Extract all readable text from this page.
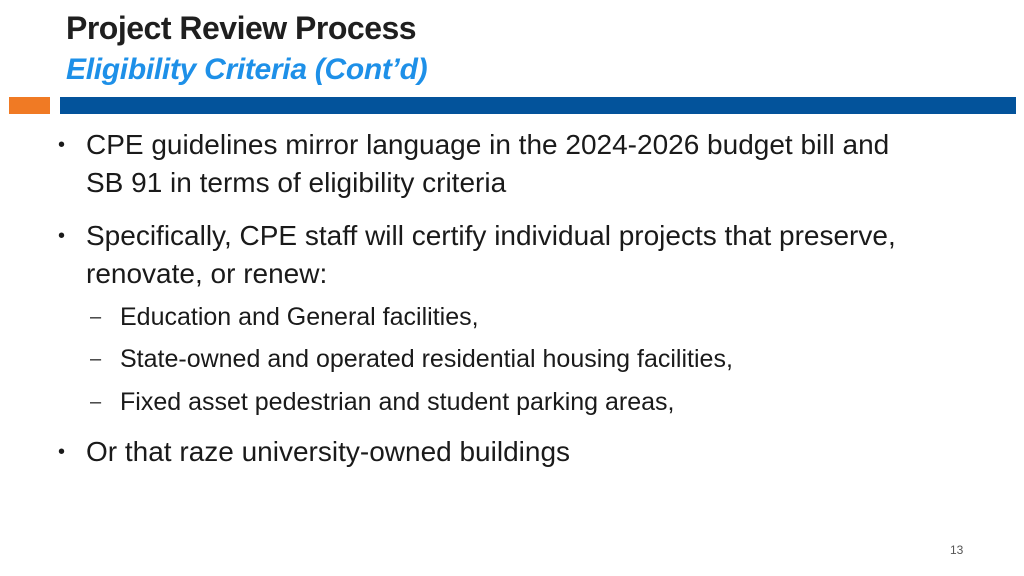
Project Review Process
Eligibility Criteria (Cont’d)
• CPE guidelines mirror language in the 2024-2026 budget bill and
SB 91 in terms of eligibility criteria
• Specifically, CPE staff will certify individual projects that preserve,
renovate, or renew:
– Education and General facilities,
– State-owned and operated residential housing facilities,
– Fixed asset pedestrian and student parking areas,
• Or that raze university-owned buildings
13
